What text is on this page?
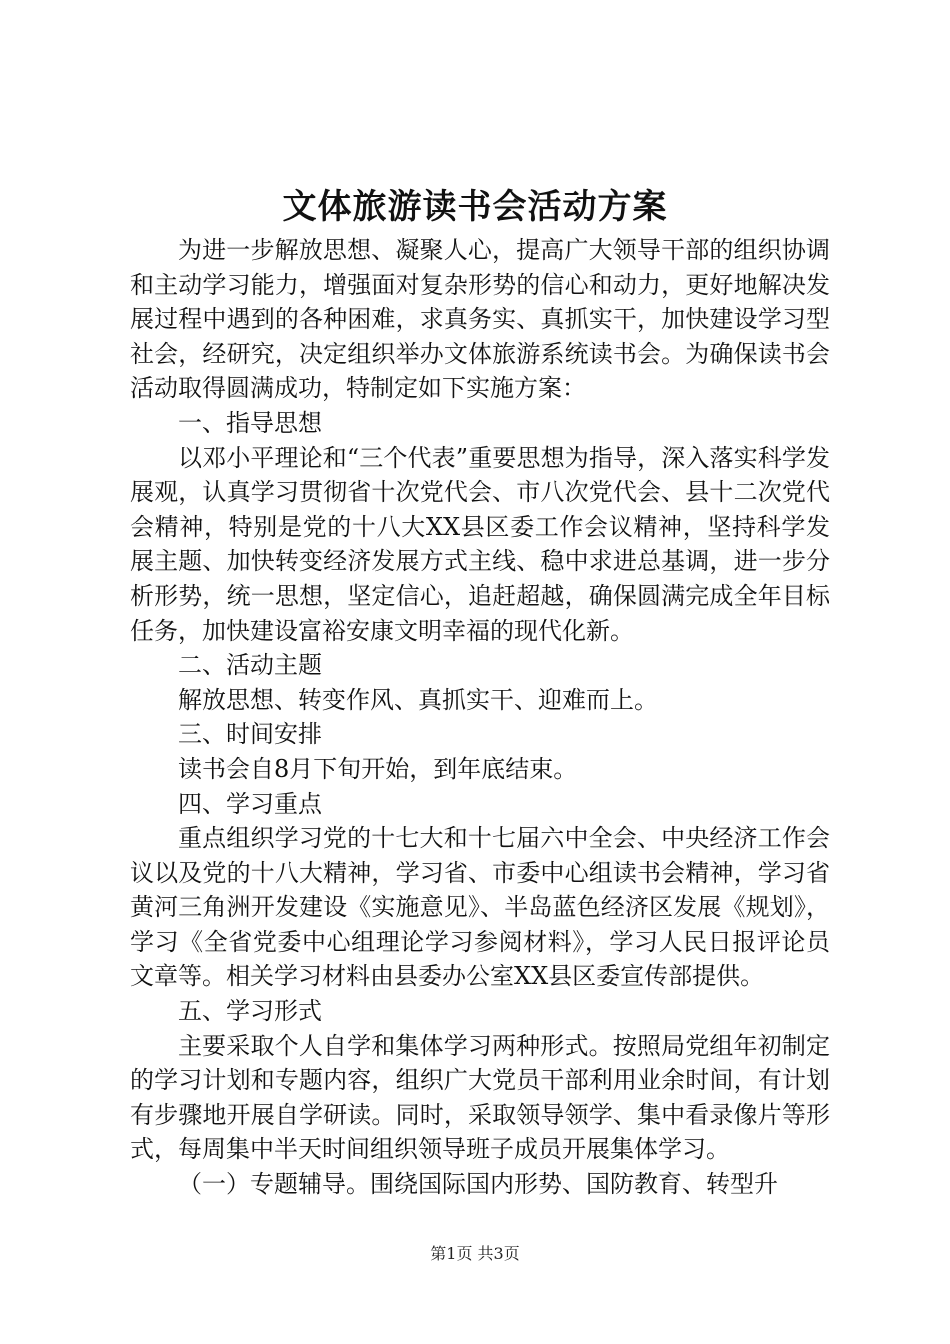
文体旅游读书会活动方案

为进一步解放思想、凝聚人心，提高广大领导干部的组织协调和主动学习能力，增强面对复杂形势的信心和动力，更好地解决发展过程中遇到的各种困难，求真务实、真抓实干，加快建设学习型社会，经研究，决定组织举办文体旅游系统读书会。为确保读书会活动取得圆满成功，特制定如下实施方案：

一、指导思想

以邓小平理论和“三个代表”重要思想为指导，深入落实科学发展观，认真学习贯彻省十次党代会、市八次党代会、县十二次党代会精神，特别是党的十八大XX县区委工作会议精神，坚持科学发展主题、加快转变经济发展方式主线、稳中求进总基调，进一步分析形势，统一思想，坚定信心，追赶超越，确保圆满完成全年目标任务，加快建设富裕安康文明幸福的现代化新。

二、活动主题

解放思想、转变作风、真抓实干、迎难而上。

三、时间安排

读书会自8月下旬开始，到年底结束。

四、学习重点

重点组织学习党的十七大和十七届六中全会、中央经济工作会议以及党的十八大精神，学习省、市委中心组读书会精神，学习省黄河三角洲开发建设《实施意见》、半岛蓝色经济区发展《规划》，学习《全省党委中心组理论学习参阅材料》，学习人民日报评论员文章等。相关学习材料由县委办公室XX县区委宣传部提供。

五、学习形式

主要采取个人自学和集体学习两种形式。按照局党组年初制定的学习计划和专题内容，组织广大党员干部利用业余时间，有计划有步骤地开展自学研读。同时，采取领导领学、集中看录像片等形式，每周集中半天时间组织领导班子成员开展集体学习。

（一）专题辅导。围绕国际国内形势、国防教育、转型升

第1页 共3页
